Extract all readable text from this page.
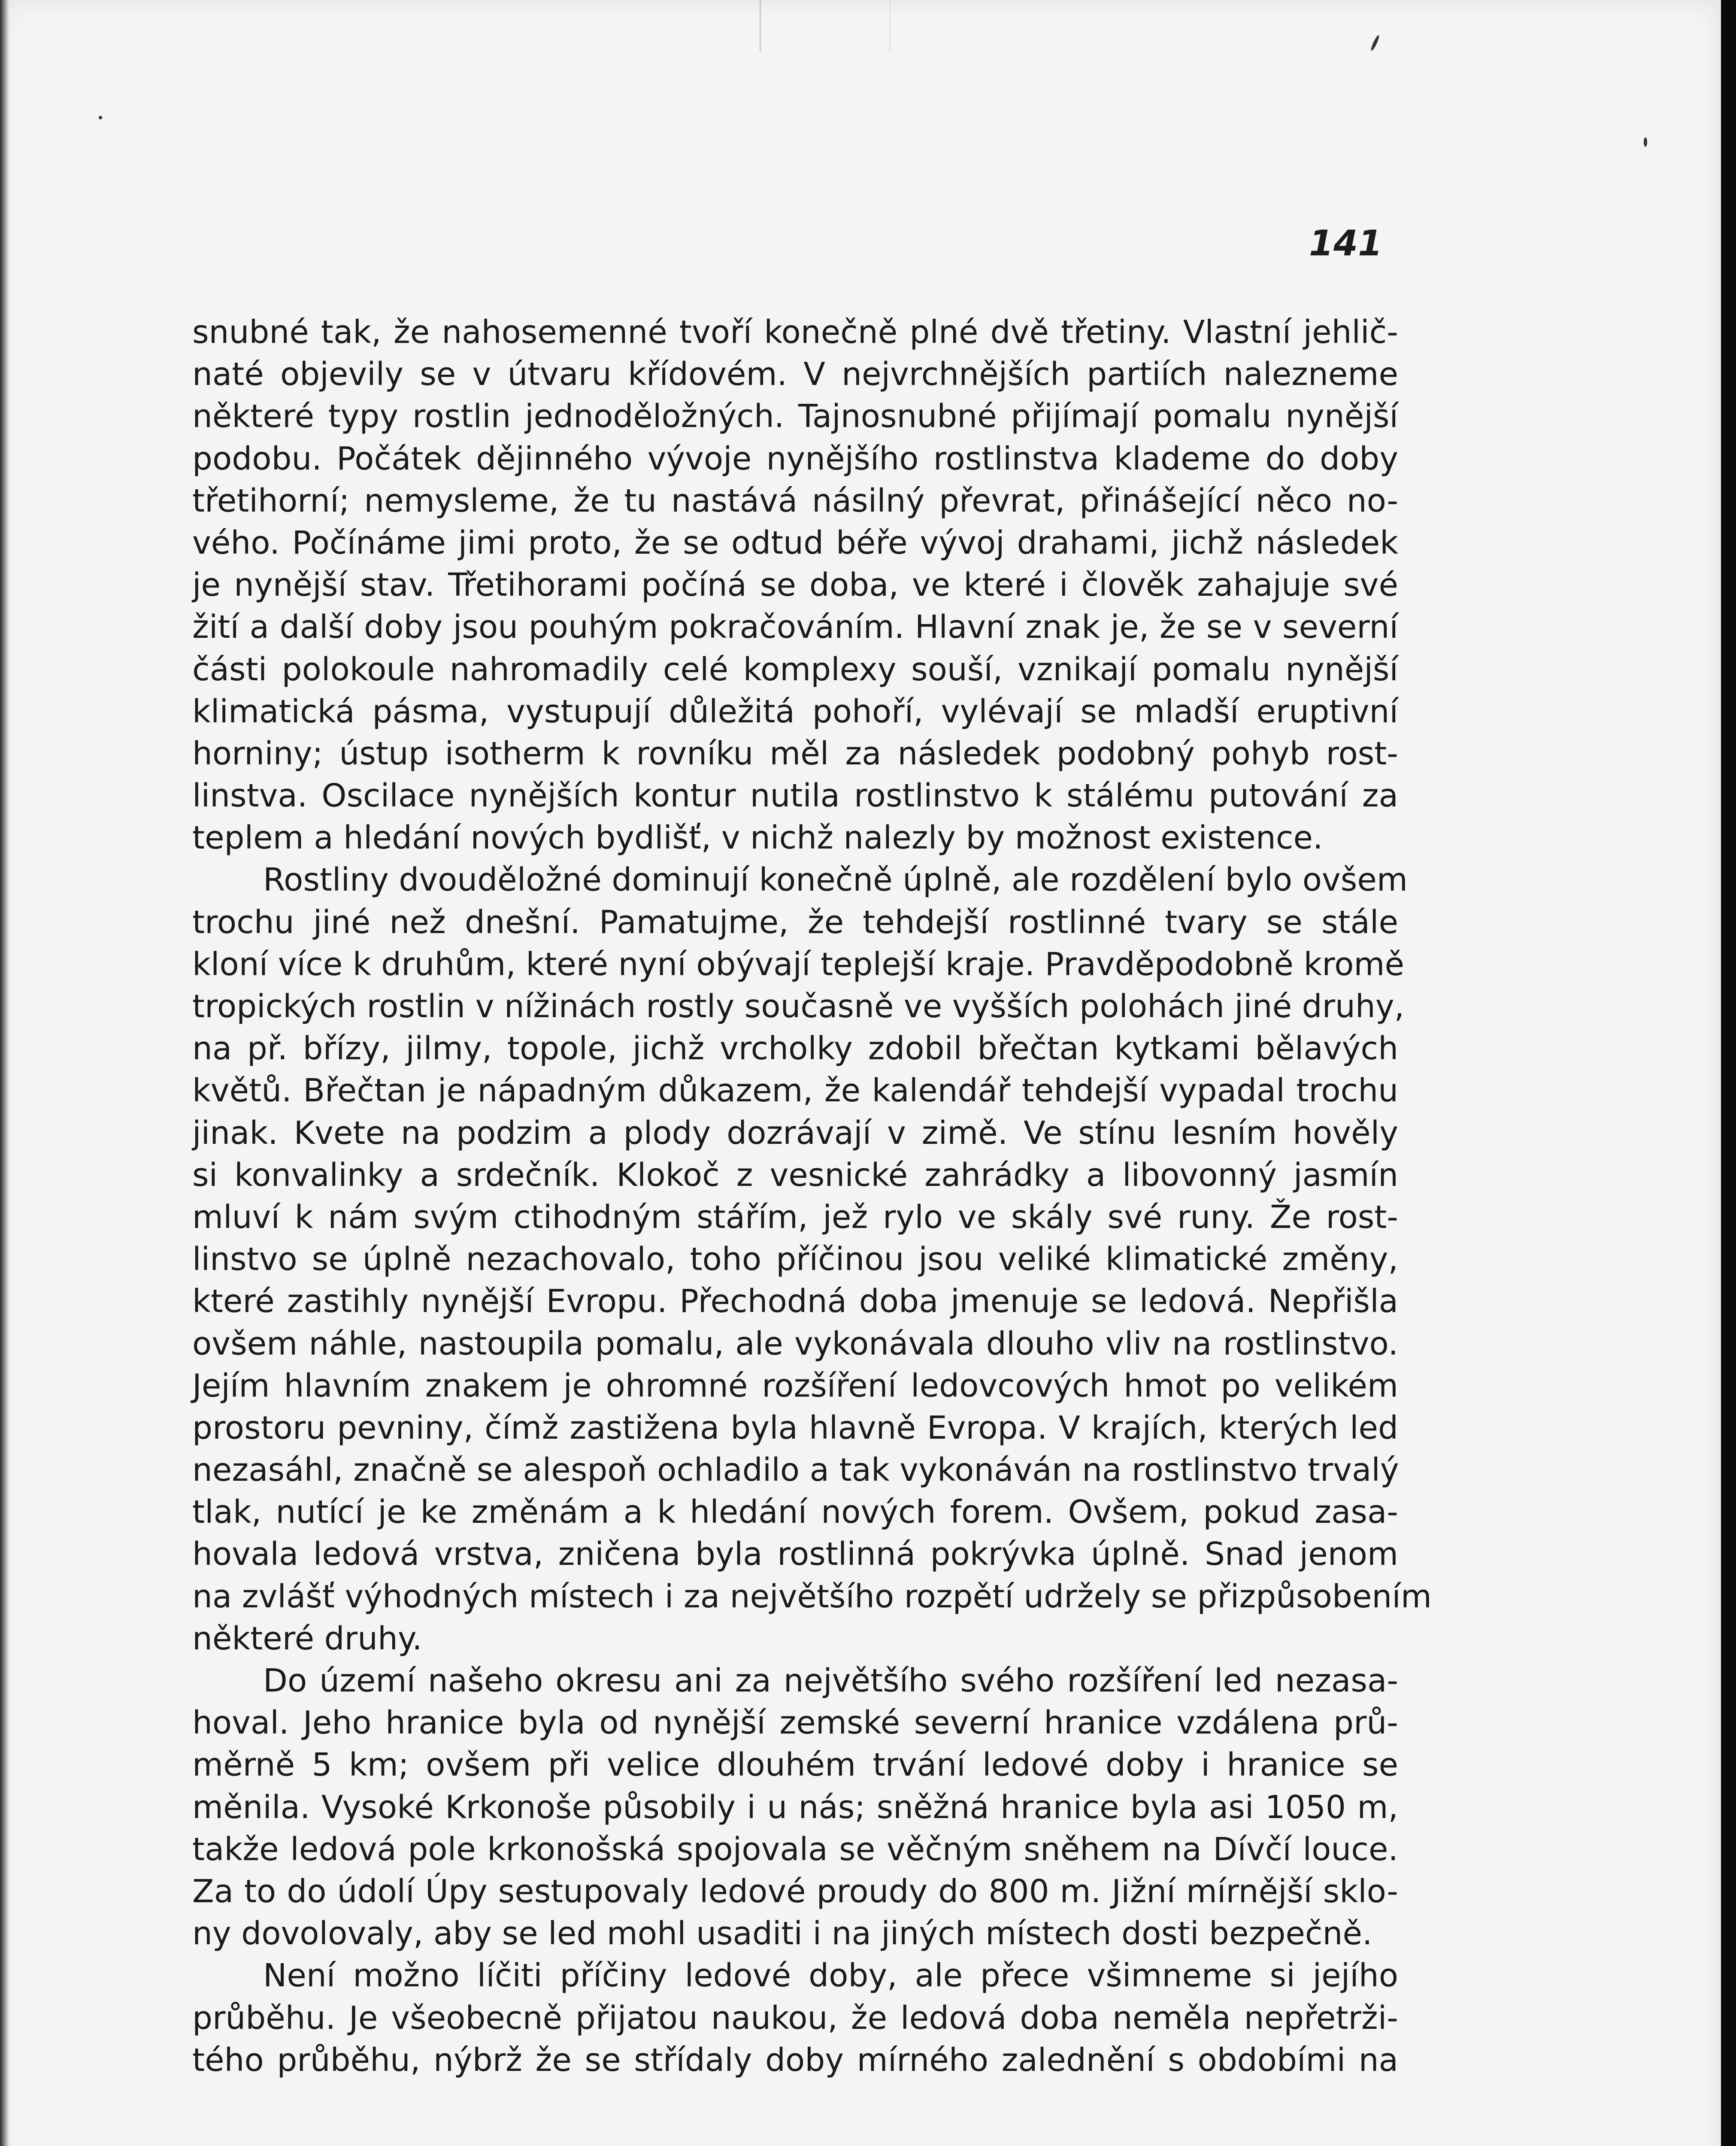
141
snubné tak, že nahosemenné tvoří konečně plné dvě třetiny. Vlastní jehlič-
naté objevily se v útvaru křídovém. V nejvrchnějších partiích nalezneme
některé typy rostlin jednoděložných. Tajnosnubné přijímají pomalu nynější
podobu. Počátek dějinného vývoje nynějšího rostlinstva klademe do doby
třetihorní; nemysleme, že tu nastává násilný převrat, přinášející něco no-
vého. Počínáme jimi proto, že se odtud béře vývoj drahami, jichž následek
je nynější stav. Třetihorami počíná se doba, ve které i člověk zahajuje své
žití a další doby jsou pouhým pokračováním. Hlavní znak je, že se v severní
části polokoule nahromadily celé komplexy souší, vznikají pomalu nynější
klimatická pásma, vystupují důležitá pohoří, vylévají se mladší eruptivní
horniny; ústup isotherm k rovníku měl za následek podobný pohyb rost-
linstva. Oscilace nynějších kontur nutila rostlinstvo k stálému putování za
teplem a hledání nových bydlišť, v nichž nalezly by možnost existence.
Rostliny dvouděložné dominují konečně úplně, ale rozdělení bylo ovšem
trochu jiné než dnešní. Pamatujme, že tehdejší rostlinné tvary se stále
kloní více k druhům, které nyní obývají teplejší kraje. Pravděpodobně kromě
tropických rostlin v nížinách rostly současně ve vyšších polohách jiné druhy,
na př. břízy, jilmy, topole, jichž vrcholky zdobil břečtan kytkami bělavých
květů. Břečtan je nápadným důkazem, že kalendář tehdejší vypadal trochu
jinak. Kvete na podzim a plody dozrávají v zimě. Ve stínu lesním hověly
si konvalinky a srdečník. Klokoč z vesnické zahrádky a libovonný jasmín
mluví k nám svým ctihodným stářím, jež rylo ve skály své runy. Že rost-
linstvo se úplně nezachovalo, toho příčinou jsou veliké klimatické změny,
které zastihly nynější Evropu. Přechodná doba jmenuje se ledová. Nepřišla
ovšem náhle, nastoupila pomalu, ale vykonávala dlouho vliv na rostlinstvo.
Jejím hlavním znakem je ohromné rozšíření ledovcových hmot po velikém
prostoru pevniny, čímž zastižena byla hlavně Evropa. V krajích, kterých led
nezasáhl, značně se alespoň ochladilo a tak vykonáván na rostlinstvo trvalý
tlak, nutící je ke změnám a k hledání nových forem. Ovšem, pokud zasa-
hovala ledová vrstva, zničena byla rostlinná pokrývka úplně. Snad jenom
na zvlášť výhodných místech i za největšího rozpětí udržely se přizpůsobením
některé druhy.
Do území našeho okresu ani za největšího svého rozšíření led nezasa-
hoval. Jeho hranice byla od nynější zemské severní hranice vzdálena prů-
měrně 5 km; ovšem při velice dlouhém trvání ledové doby i hranice se
měnila. Vysoké Krkonoše působily i u nás; sněžná hranice byla asi 1050 m,
takže ledová pole krkonošská spojovala se věčným sněhem na Dívčí louce.
Za to do údolí Úpy sestupovaly ledové proudy do 800 m. Jižní mírnější sklo-
ny dovolovaly, aby se led mohl usaditi i na jiných místech dosti bezpečně.
Není možno líčiti příčiny ledové doby, ale přece všimneme si jejího
průběhu. Je všeobecně přijatou naukou, že ledová doba neměla nepřetrži-
tého průběhu, nýbrž že se střídaly doby mírného zalednění s obdobími na
